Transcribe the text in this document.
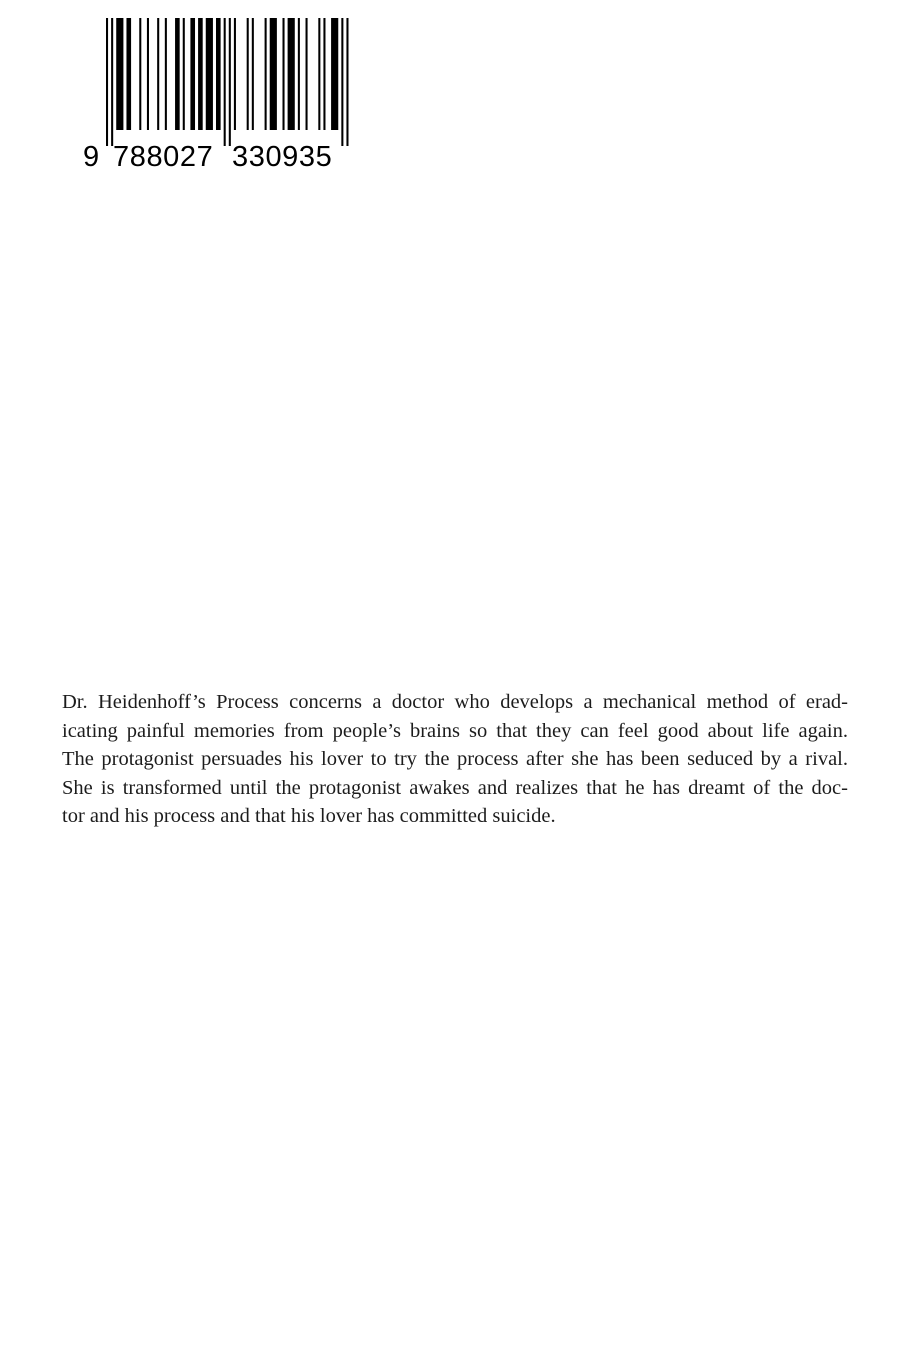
9 788027 330935
Dr. Heidenhoff’s Process concerns a doctor who develops a mechanical method of erad-
icating painful memories from people’s brains so that they can feel good about life again.
The protagonist persuades his lover to try the process after she has been seduced by a rival.
She is transformed until the protagonist awakes and realizes that he has dreamt of the doc-
tor and his process and that his lover has committed suicide.
